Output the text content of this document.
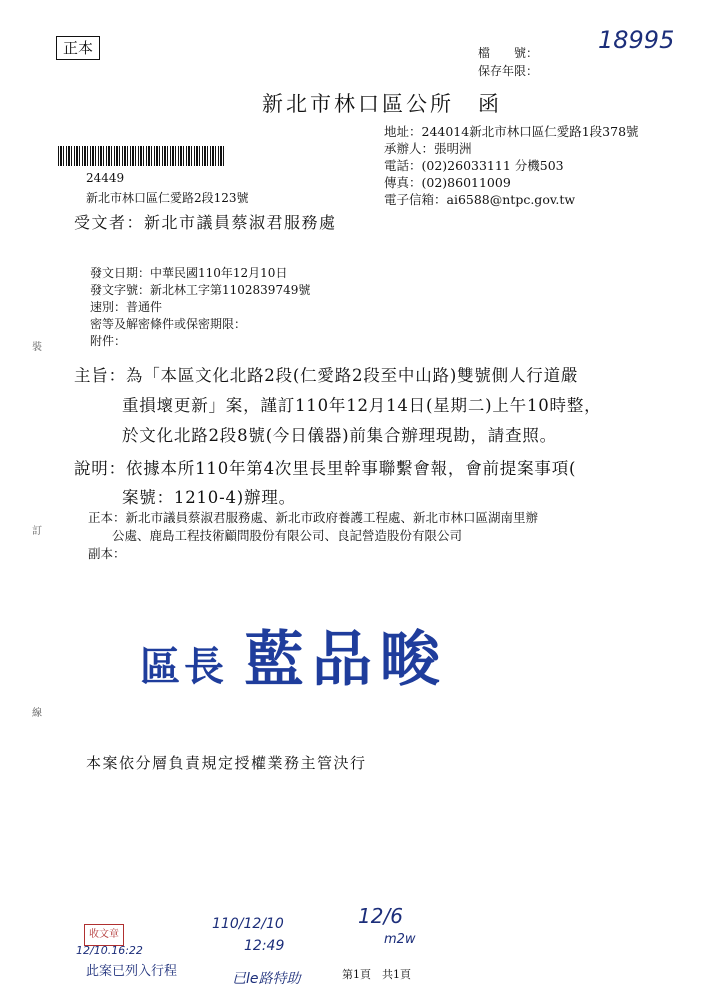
正本	18995
檔　　號：
保存年限：
新北市林口區公所　函
地址：244014新北市林口區仁愛路1段378號
承辦人：張明洲
電話：(02)26033111 分機503
傳真：(02)86011009
電子信箱：ai6588@ntpc.gov.tw
24449
新北市林口區仁愛路2段123號
受文者：新北市議員蔡淑君服務處
發文日期：中華民國110年12月10日
發文字號：新北林工字第1102839749號
速別：普通件
密等及解密條件或保密期限：
附件：
裝
訂
線
主旨：為「本區文化北路2段(仁愛路2段至中山路)雙號側人行道嚴
重損壞更新」案，謹訂110年12月14日(星期二)上午10時整，
於文化北路2段8號(今日儀器)前集合辦理現勘，請查照。
說明：依據本所110年第4次里長里幹事聯繫會報，會前提案事項(
案號：1210-4)辦理。
正本：新北市議員蔡淑君服務處、新北市政府養護工程處、新北市林口區湖南里辦
公處、鹿島工程技術顧問股份有限公司、良記營造股份有限公司
副本：
區長 藍品畯
本案依分層負責規定授權業務主管決行
收文章
12/10.16:22
此案已列入行程
110/12/10
12:49
已le路特助
12/6
m2w
第1頁　共1頁
